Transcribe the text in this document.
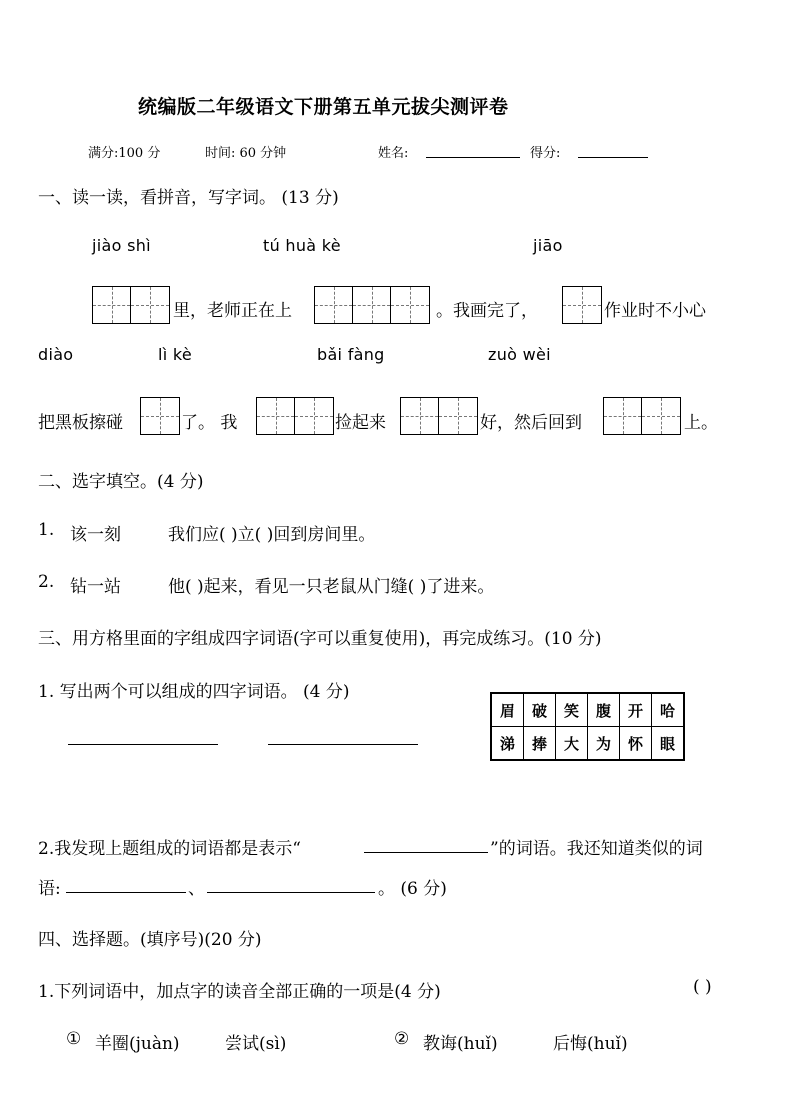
统编版二年级语文下册第五单元拔尖测评卷
满分:100 分	时间: 60 分钟	姓名:	得分:
一、读一读，看拼音，写字词。 (13 分)
jiào shì	tú huà kè	jiāo
里，老师正在上	。我画完了，	作业时不小心
diào	lì kè	bǎi fàng	zuò wèi
把黑板擦碰	了。 我	捡起来	好，然后回到	上。
二、选字填空。(4 分)
1. 该一刻	我们应( )立( )回到房间里。
2. 钻一站	他( )起来，看见一只老鼠从门缝( )了进来。
三、用方格里面的字组成四字词语(字可以重复使用)，再完成练习。(10 分)
1. 写出两个可以组成的四字词语。 (4 分)
眉	破	笑	腹	开	哈
涕	捧	大	为	怀	眼
2.我发现上题组成的词语都是表示“	”的词语。我还知道类似的词
语:	、	。 (6 分)
四、选择题。(填序号)(20 分)
1.下列词语中，加点字的读音全部正确的一项是(4 分)	( )
① 羊圈(juàn)	尝试(sì)	② 教诲(huǐ)	后悔(huǐ)
